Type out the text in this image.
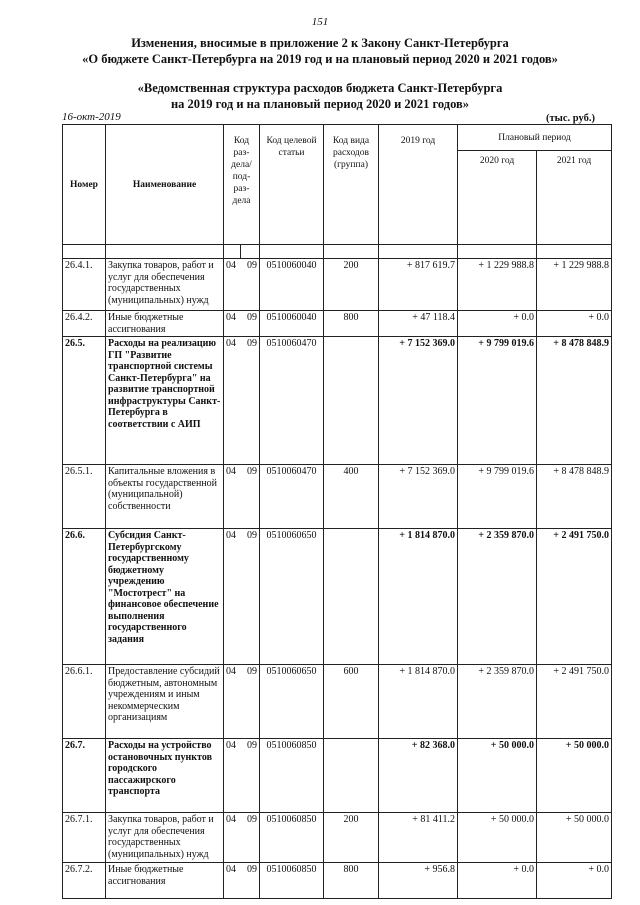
151
Изменения, вносимые в приложение 2 к Закону Санкт-Петербурга
«О бюджете Санкт-Петербурга на 2019 год и на плановый период 2020 и 2021 годов»
«Ведомственная структура расходов бюджета Санкт-Петербурга
на 2019 год и на плановый период 2020 и 2021 годов»
16-окт-2019	(тыс. руб.)
Номер	Наименование	Код раз-дела/ под-раз-дела		Код целевой статьи	Код вида расходов (группа)	2019 год	Плановый период	
							2020 год	2021 год

26.4.1.	Закупка товаров, работ и услуг для обеспечения государственных (муниципальных) нужд	04	09	0510060040	200	+ 817 619.7	+ 1 229 988.8	+ 1 229 988.8
26.4.2.	Иные бюджетные ассигнования	04	09	0510060040	800	+ 47 118.4	+ 0.0	+ 0.0
26.5.	Расходы на реализацию ГП "Развитие транспортной системы Санкт-Петербурга" на развитие транспортной инфраструктуры Санкт-Петербурга в соответствии с АИП	04	09	0510060470		+ 7 152 369.0	+ 9 799 019.6	+ 8 478 848.9
26.5.1.	Капитальные вложения в объекты государственной (муниципальной) собственности	04	09	0510060470	400	+ 7 152 369.0	+ 9 799 019.6	+ 8 478 848.9
26.6.	Субсидия Санкт-Петербургскому государственному бюджетному учреждению "Мостотрест" на финансовое обеспечение выполнения государственного задания	04	09	0510060650		+ 1 814 870.0	+ 2 359 870.0	+ 2 491 750.0
26.6.1.	Предоставление субсидий бюджетным, автономным учреждениям и иным некоммерческим организациям	04	09	0510060650	600	+ 1 814 870.0	+ 2 359 870.0	+ 2 491 750.0
26.7.	Расходы на устройство остановочных пунктов городского пассажирского транспорта	04	09	0510060850		+ 82 368.0	+ 50 000.0	+ 50 000.0
26.7.1.	Закупка товаров, работ и услуг для обеспечения государственных (муниципальных) нужд	04	09	0510060850	200	+ 81 411.2	+ 50 000.0	+ 50 000.0
26.7.2.	Иные бюджетные ассигнования	04	09	0510060850	800	+ 956.8	+ 0.0	+ 0.0
